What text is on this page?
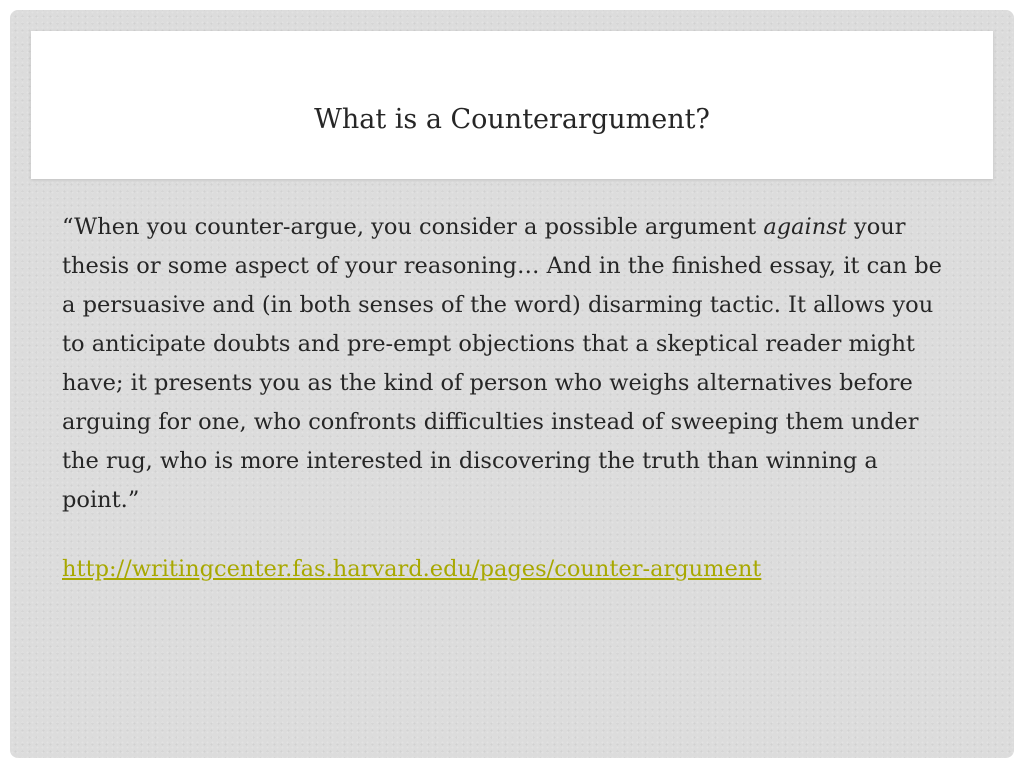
What is a Counterargument?

“When you counter-argue, you consider a possible argument against your thesis or some aspect of your reasoning… And in the finished essay, it can be a persuasive and (in both senses of the word) disarming tactic. It allows you to anticipate doubts and pre-empt objections that a skeptical reader might have; it presents you as the kind of person who weighs alternatives before arguing for one, who confronts difficulties instead of sweeping them under the rug, who is more interested in discovering the truth than winning a point.”

http://writingcenter.fas.harvard.edu/pages/counter-argument
